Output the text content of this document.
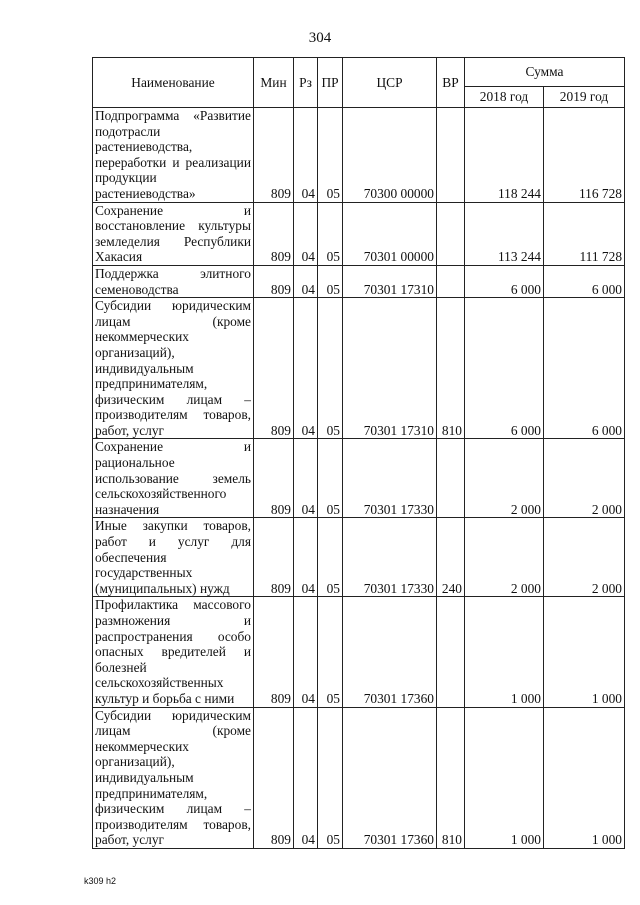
304
Наименование	Мин	Рз	ПР	ЦСР	ВР	Сумма	
						2018 год	2019 год
Подпрограмма «Развитие подотрасли растениеводства, переработки и реализации продукции растениеводства»	809	04	05	70300 00000		118 244	116 728
Сохранение и восстановление культуры земледелия Республики Хакасия	809	04	05	70301 00000		113 244	111 728
Поддержка элитного семеноводства	809	04	05	70301 17310		6 000	6 000
Субсидии юридическим лицам (кроме некоммерческих организаций), индивидуальным предпринимателям, физическим лицам – производителям товаров, работ, услуг	809	04	05	70301 17310	810	6 000	6 000
Сохранение и рациональное использование земель сельскохозяйственного назначения	809	04	05	70301 17330		2 000	2 000
Иные закупки товаров, работ и услуг для обеспечения государственных (муниципальных) нужд	809	04	05	70301 17330	240	2 000	2 000
Профилактика массового размножения и распространения особо опасных вредителей и болезней сельскохозяйственных культур и борьба с ними	809	04	05	70301 17360		1 000	1 000
Субсидии юридическим лицам (кроме некоммерческих организаций), индивидуальным предпринимателям, физическим лицам – производителям товаров, работ, услуг	809	04	05	70301 17360	810	1 000	1 000
k309 h2
